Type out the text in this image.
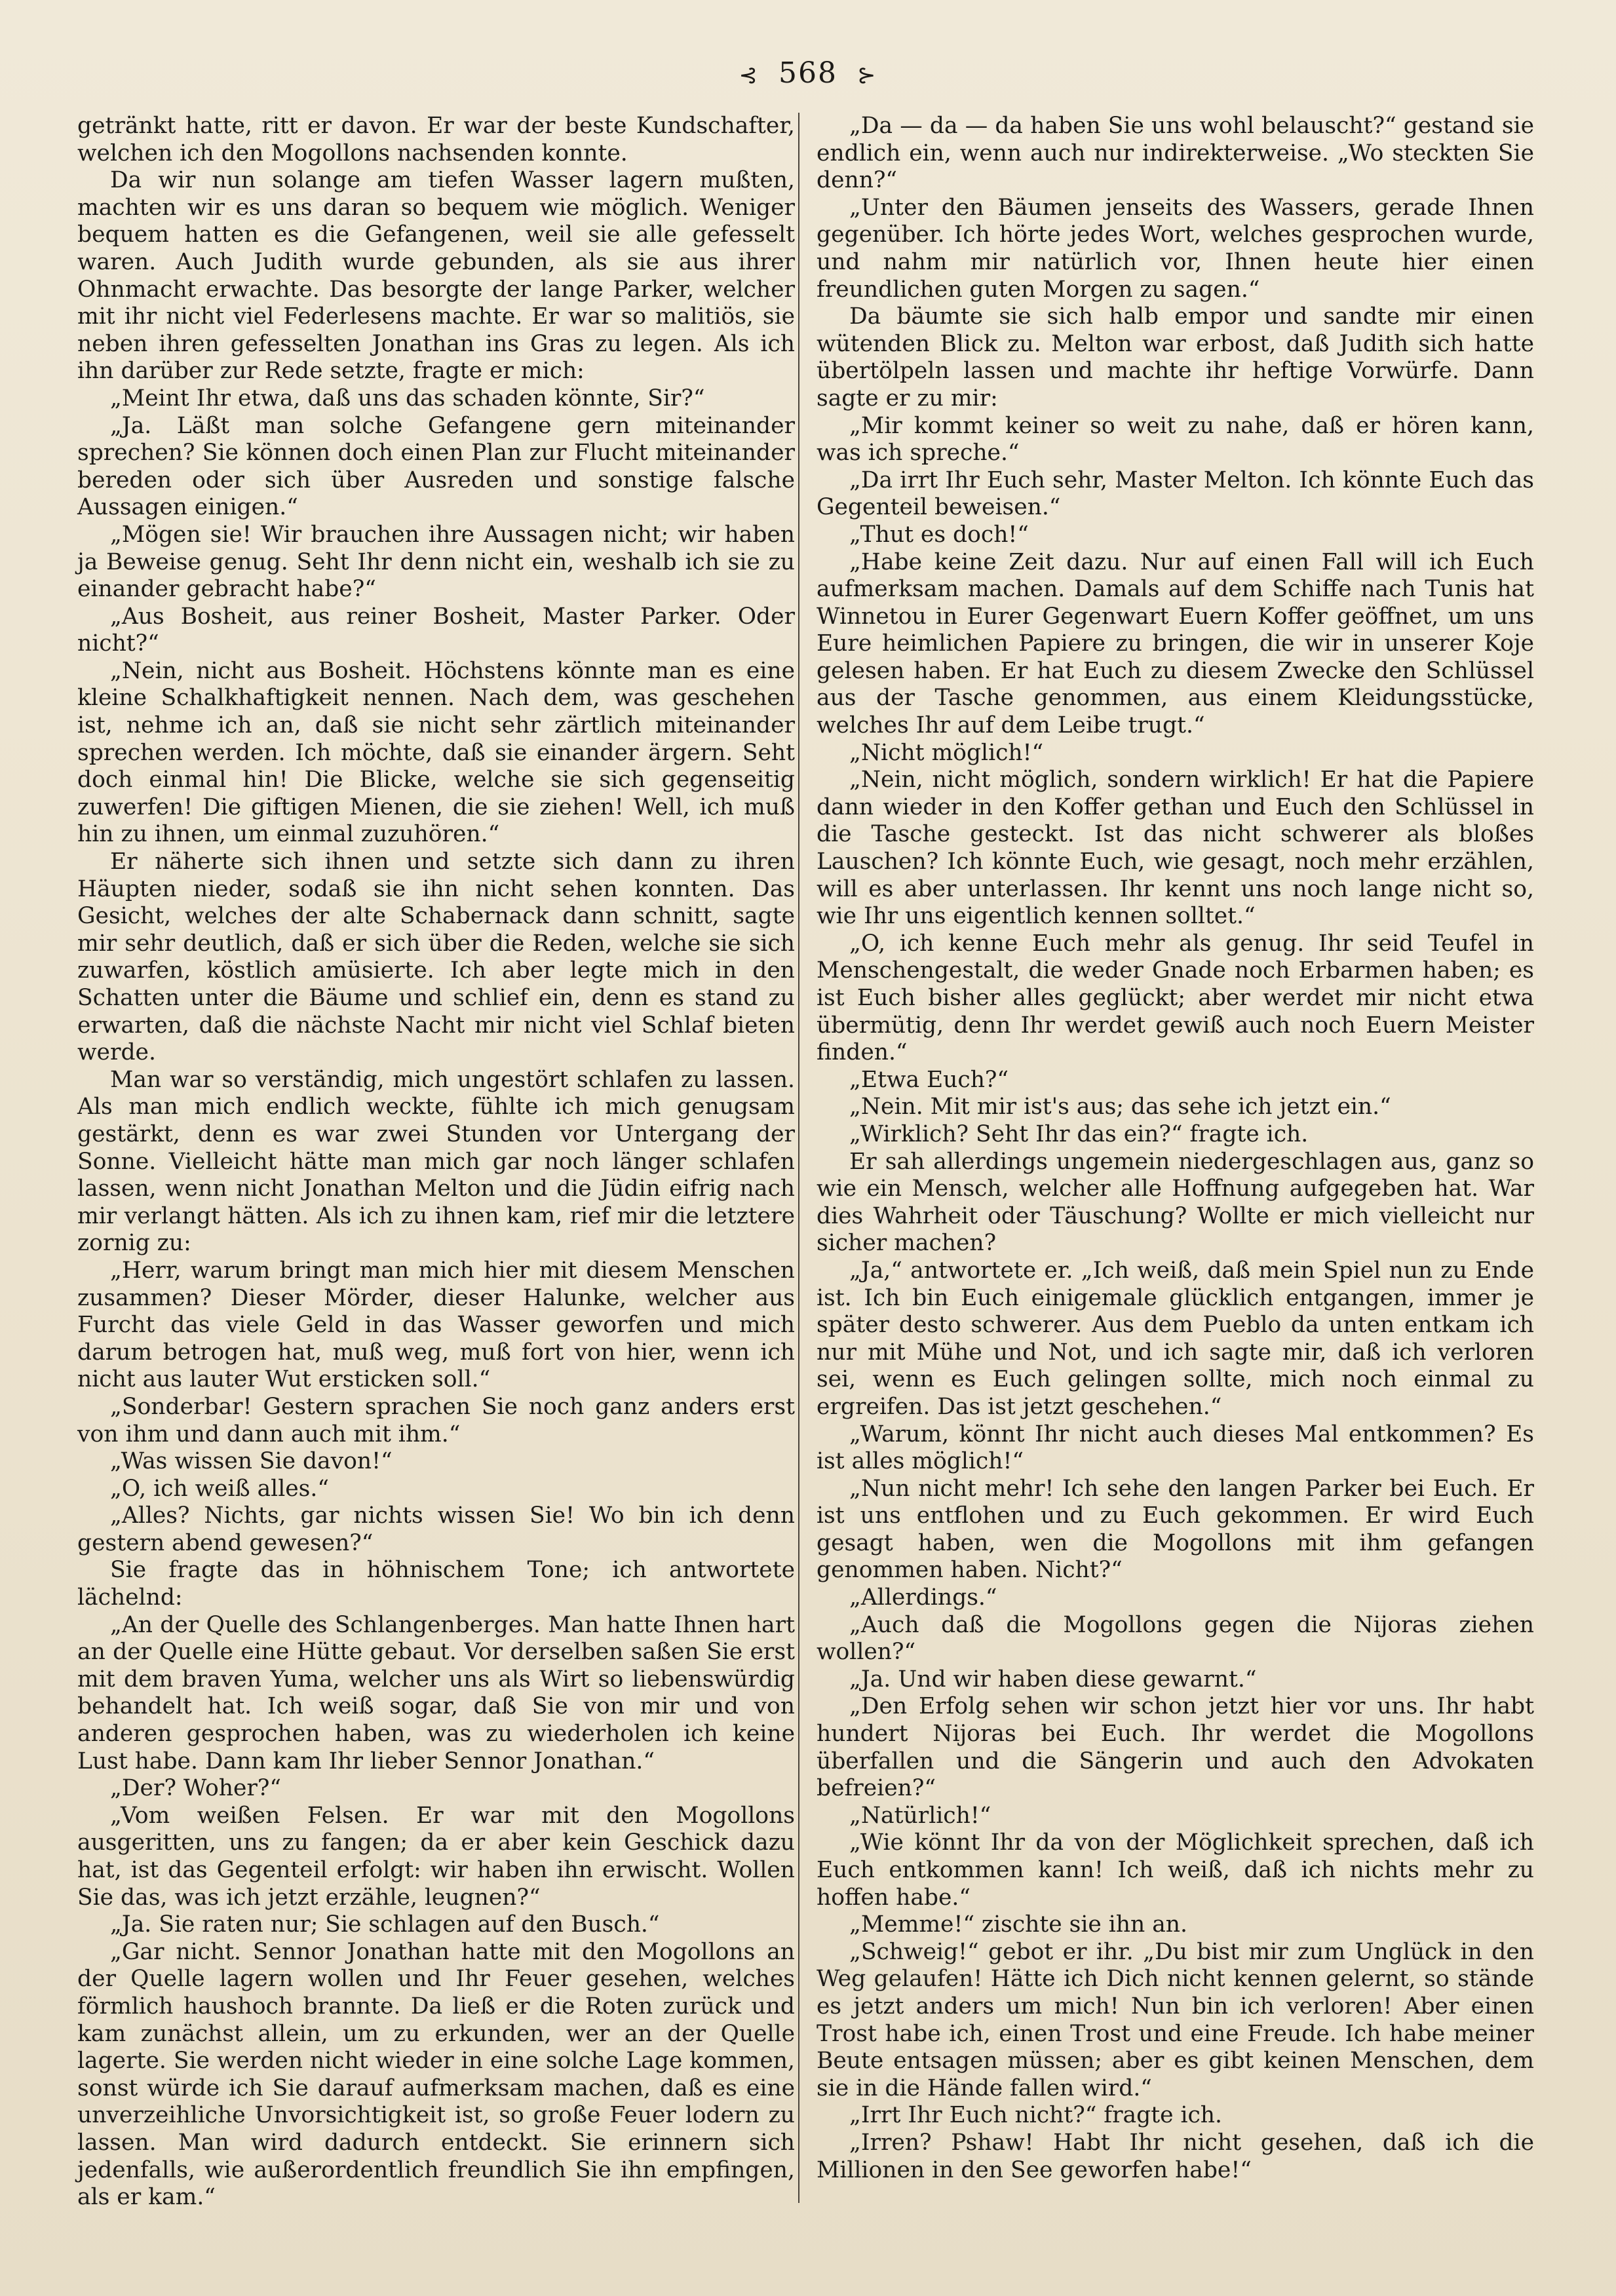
⊰ 568 ⊱

getränkt hatte, ritt er davon. Er war der beste Kundschafter, welchen ich den Mogollons nachsenden konnte.

Da wir nun solange am tiefen Wasser lagern mußten, machten wir es uns daran so bequem wie möglich. Weniger bequem hatten es die Gefangenen, weil sie alle gefesselt waren. Auch Judith wurde gebunden, als sie aus ihrer Ohnmacht erwachte. Das besorgte der lange Parker, welcher mit ihr nicht viel Federlesens machte. Er war so malitiös, sie neben ihren gefesselten Jonathan ins Gras zu legen. Als ich ihn darüber zur Rede setzte, fragte er mich:

„Meint Ihr etwa, daß uns das schaden könnte, Sir?“

„Ja. Läßt man solche Gefangene gern miteinander sprechen? Sie können doch einen Plan zur Flucht miteinander bereden oder sich über Ausreden und sonstige falsche Aussagen einigen.“

„Mögen sie! Wir brauchen ihre Aussagen nicht; wir haben ja Beweise genug. Seht Ihr denn nicht ein, weshalb ich sie zu einander gebracht habe?“

„Aus Bosheit, aus reiner Bosheit, Master Parker. Oder nicht?“

„Nein, nicht aus Bosheit. Höchstens könnte man es eine kleine Schalkhaftigkeit nennen. Nach dem, was geschehen ist, nehme ich an, daß sie nicht sehr zärtlich miteinander sprechen werden. Ich möchte, daß sie einander ärgern. Seht doch einmal hin! Die Blicke, welche sie sich gegenseitig zuwerfen! Die giftigen Mienen, die sie ziehen! Well, ich muß hin zu ihnen, um einmal zuzuhören.“

Er näherte sich ihnen und setzte sich dann zu ihren Häupten nieder, sodaß sie ihn nicht sehen konnten. Das Gesicht, welches der alte Schabernack dann schnitt, sagte mir sehr deutlich, daß er sich über die Reden, welche sie sich zuwarfen, köstlich amüsierte. Ich aber legte mich in den Schatten unter die Bäume und schlief ein, denn es stand zu erwarten, daß die nächste Nacht mir nicht viel Schlaf bieten werde.

Man war so verständig, mich ungestört schlafen zu lassen. Als man mich endlich weckte, fühlte ich mich genugsam gestärkt, denn es war zwei Stunden vor Untergang der Sonne. Vielleicht hätte man mich gar noch länger schlafen lassen, wenn nicht Jonathan Melton und die Jüdin eifrig nach mir verlangt hätten. Als ich zu ihnen kam, rief mir die letztere zornig zu:

„Herr, warum bringt man mich hier mit diesem Menschen zusammen? Dieser Mörder, dieser Halunke, welcher aus Furcht das viele Geld in das Wasser geworfen und mich darum betrogen hat, muß weg, muß fort von hier, wenn ich nicht aus lauter Wut ersticken soll.“

„Sonderbar! Gestern sprachen Sie noch ganz anders erst von ihm und dann auch mit ihm.“

„Was wissen Sie davon!“

„O, ich weiß alles.“

„Alles? Nichts, gar nichts wissen Sie! Wo bin ich denn gestern abend gewesen?“

Sie fragte das in höhnischem Tone; ich antwortete lächelnd:

„An der Quelle des Schlangenberges. Man hatte Ihnen hart an der Quelle eine Hütte gebaut. Vor derselben saßen Sie erst mit dem braven Yuma, welcher uns als Wirt so liebenswürdig behandelt hat. Ich weiß sogar, daß Sie von mir und von anderen gesprochen haben, was zu wiederholen ich keine Lust habe. Dann kam Ihr lieber Sennor Jonathan.“

„Der? Woher?“

„Vom weißen Felsen. Er war mit den Mogollons ausgeritten, uns zu fangen; da er aber kein Geschick dazu hat, ist das Gegenteil erfolgt: wir haben ihn erwischt. Wollen Sie das, was ich jetzt erzähle, leugnen?“

„Ja. Sie raten nur; Sie schlagen auf den Busch.“

„Gar nicht. Sennor Jonathan hatte mit den Mogollons an der Quelle lagern wollen und Ihr Feuer gesehen, welches förmlich haushoch brannte. Da ließ er die Roten zurück und kam zunächst allein, um zu erkunden, wer an der Quelle lagerte. Sie werden nicht wieder in eine solche Lage kommen, sonst würde ich Sie darauf aufmerksam machen, daß es eine unverzeihliche Unvorsichtigkeit ist, so große Feuer lodern zu lassen. Man wird dadurch entdeckt. Sie erinnern sich jedenfalls, wie außerordentlich freundlich Sie ihn empfingen, als er kam.“

„Da — da — da haben Sie uns wohl belauscht?“ gestand sie endlich ein, wenn auch nur indirekterweise. „Wo steckten Sie denn?“

„Unter den Bäumen jenseits des Wassers, gerade Ihnen gegenüber. Ich hörte jedes Wort, welches gesprochen wurde, und nahm mir natürlich vor, Ihnen heute hier einen freundlichen guten Morgen zu sagen.“

Da bäumte sie sich halb empor und sandte mir einen wütenden Blick zu. Melton war erbost, daß Judith sich hatte übertölpeln lassen und machte ihr heftige Vorwürfe. Dann sagte er zu mir:

„Mir kommt keiner so weit zu nahe, daß er hören kann, was ich spreche.“

„Da irrt Ihr Euch sehr, Master Melton. Ich könnte Euch das Gegenteil beweisen.“

„Thut es doch!“

„Habe keine Zeit dazu. Nur auf einen Fall will ich Euch aufmerksam machen. Damals auf dem Schiffe nach Tunis hat Winnetou in Eurer Gegenwart Euern Koffer geöffnet, um uns Eure heimlichen Papiere zu bringen, die wir in unserer Koje gelesen haben. Er hat Euch zu diesem Zwecke den Schlüssel aus der Tasche genommen, aus einem Kleidungsstücke, welches Ihr auf dem Leibe trugt.“

„Nicht möglich!“

„Nein, nicht möglich, sondern wirklich! Er hat die Papiere dann wieder in den Koffer gethan und Euch den Schlüssel in die Tasche gesteckt. Ist das nicht schwerer als bloßes Lauschen? Ich könnte Euch, wie gesagt, noch mehr erzählen, will es aber unterlassen. Ihr kennt uns noch lange nicht so, wie Ihr uns eigentlich kennen solltet.“

„O, ich kenne Euch mehr als genug. Ihr seid Teufel in Menschengestalt, die weder Gnade noch Erbarmen haben; es ist Euch bisher alles geglückt; aber werdet mir nicht etwa übermütig, denn Ihr werdet gewiß auch noch Euern Meister finden.“

„Etwa Euch?“

„Nein. Mit mir ist's aus; das sehe ich jetzt ein.“

„Wirklich? Seht Ihr das ein?“ fragte ich.

Er sah allerdings ungemein niedergeschlagen aus, ganz so wie ein Mensch, welcher alle Hoffnung aufgegeben hat. War dies Wahrheit oder Täuschung? Wollte er mich vielleicht nur sicher machen?

„Ja,“ antwortete er. „Ich weiß, daß mein Spiel nun zu Ende ist. Ich bin Euch einigemale glücklich entgangen, immer je später desto schwerer. Aus dem Pueblo da unten entkam ich nur mit Mühe und Not, und ich sagte mir, daß ich verloren sei, wenn es Euch gelingen sollte, mich noch einmal zu ergreifen. Das ist jetzt geschehen.“

„Warum, könnt Ihr nicht auch dieses Mal entkommen? Es ist alles möglich!“

„Nun nicht mehr! Ich sehe den langen Parker bei Euch. Er ist uns entflohen und zu Euch gekommen. Er wird Euch gesagt haben, wen die Mogollons mit ihm gefangen genommen haben. Nicht?“

„Allerdings.“

„Auch daß die Mogollons gegen die Nijoras ziehen wollen?“

„Ja. Und wir haben diese gewarnt.“

„Den Erfolg sehen wir schon jetzt hier vor uns. Ihr habt hundert Nijoras bei Euch. Ihr werdet die Mogollons überfallen und die Sängerin und auch den Advokaten befreien?“

„Natürlich!“

„Wie könnt Ihr da von der Möglichkeit sprechen, daß ich Euch entkommen kann! Ich weiß, daß ich nichts mehr zu hoffen habe.“

„Memme!“ zischte sie ihn an.

„Schweig!“ gebot er ihr. „Du bist mir zum Unglück in den Weg gelaufen! Hätte ich Dich nicht kennen gelernt, so stände es jetzt anders um mich! Nun bin ich verloren! Aber einen Trost habe ich, einen Trost und eine Freude. Ich habe meiner Beute entsagen müssen; aber es gibt keinen Menschen, dem sie in die Hände fallen wird.“

„Irrt Ihr Euch nicht?“ fragte ich.

„Irren? Pshaw! Habt Ihr nicht gesehen, daß ich die Millionen in den See geworfen habe!“
